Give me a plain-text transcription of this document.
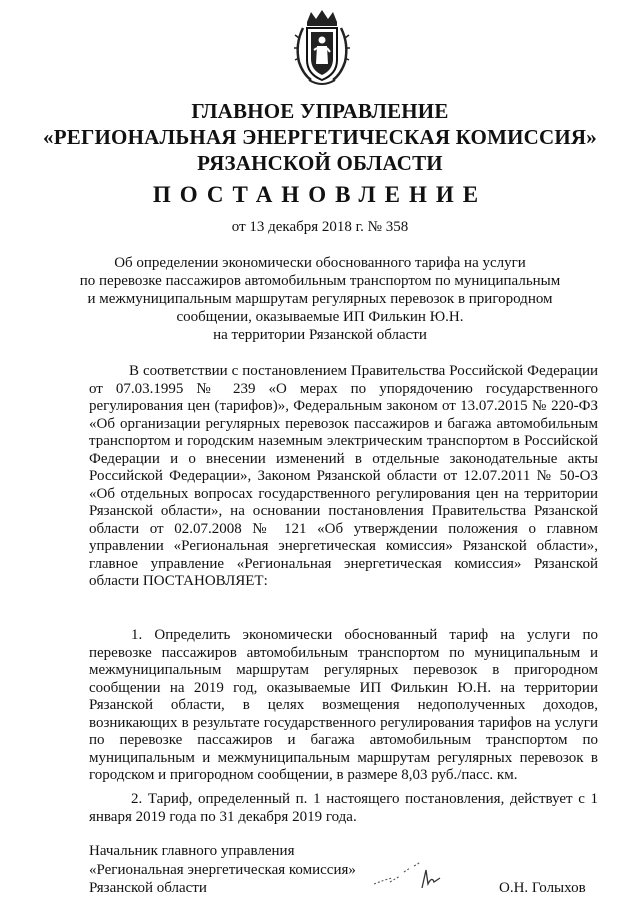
ГЛАВНОЕ УПРАВЛЕНИЕ
«РЕГИОНАЛЬНАЯ ЭНЕРГЕТИЧЕСКАЯ КОМИССИЯ»
РЯЗАНСКОЙ ОБЛАСТИ
ПОСТАНОВЛЕНИЕ
от 13 декабря 2018 г. № 358
Об определении экономически обоснованного тарифа на услуги
по перевозке пассажиров автомобильным транспортом по муниципальным
и межмуниципальным маршрутам регулярных перевозок в пригородном
сообщении, оказываемые ИП Филькин Ю.Н.
на территории Рязанской области
В соответствии с постановлением Правительства Российской Федерации от 07.03.1995 № 239 «О мерах по упорядочению государственного регулирования цен (тарифов)», Федеральным законом от 13.07.2015 № 220-ФЗ «Об организации регулярных перевозок пассажиров и багажа автомобильным транспортом и городским наземным электрическим транспортом в Российской Федерации и о внесении изменений в отдельные законодательные акты Российской Федерации», Законом Рязанской области от 12.07.2011 № 50-ОЗ «Об отдельных вопросах государственного регулирования цен на территории Рязанской области», на основании постановления Правительства Рязанской области от 02.07.2008 № 121 «Об утверждении положения о главном управлении «Региональная энергетическая комиссия» Рязанской области», главное управление «Региональная энергетическая комиссия» Рязанской области ПОСТАНОВЛЯЕТ:
1. Определить экономически обоснованный тариф на услуги по перевозке пассажиров автомобильным транспортом по муниципальным и межмуниципальным маршрутам регулярных перевозок в пригородном сообщении на 2019 год, оказываемые ИП Филькин Ю.Н. на территории Рязанской области, в целях возмещения недополученных доходов, возникающих в результате государственного регулирования тарифов на услуги по перевозке пассажиров и багажа автомобильным транспортом по муниципальным и межмуниципальным маршрутам регулярных перевозок в городском и пригородном сообщении, в размере 8,03 руб./пасс. км.
2. Тариф, определенный п. 1 настоящего постановления, действует с 1 января 2019 года по 31 декабря 2019 года.
Начальник главного управления
«Региональная энергетическая комиссия»
Рязанской области	О.Н. Голыхов
